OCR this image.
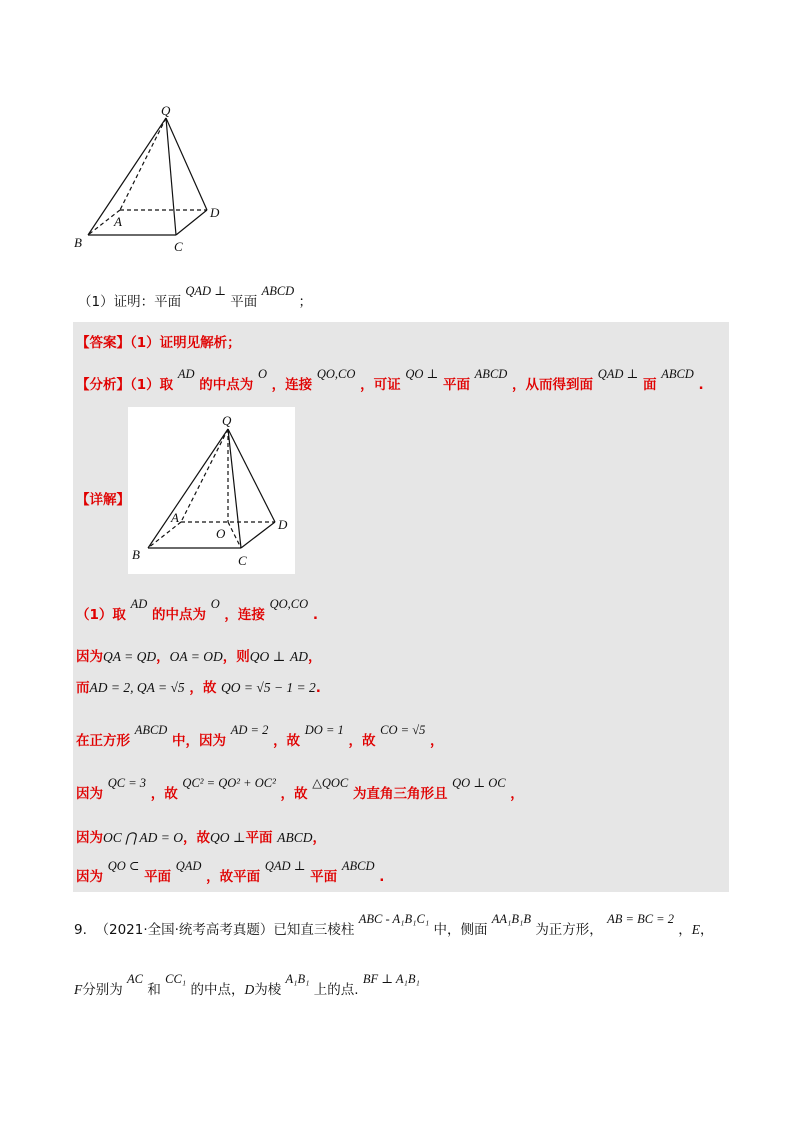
Q
A
B	C
D
（1）证明：平面 QAD ⊥ 平面 ABCD ；
【答案】（1）证明见解析；
【分析】（1）取 AD 的中点为 O ，连接 QO,CO ，可证 QO ⊥ 平面 ABCD ，从而得到面 QAD ⊥ 面 ABCD .
Q
A
B	C
D
O
【详解】
（1）取 AD 的中点为 O ，连接 QO,CO .
因为QA = QD，OA = OD，则QO ⊥ AD，
而AD = 2, QA = √5 ，故 QO = √5 − 1 = 2.
在正方形 ABCD 中，因为 AD = 2 ，故 DO = 1 ，故 CO = √5 ，
因为 QC = 3 ，故 QC² = QO² + OC² ，故 △QOC 为直角三角形且 QO ⊥ OC ，
因为OC ⋂ AD = O，故QO ⊥平面 ABCD，
因为 QO ⊂ 平面 QAD ，故平面 QAD ⊥ 平面 ABCD .
9. （2021·全国·统考高考真题）已知直三棱柱 ABC - A₁B₁C₁ 中，侧面 AA₁B₁B 为正方形， AB = BC = 2 ，E，
F分别为 AC 和 CC₁ 的中点，D为棱 A₁B₁ 上的点. BF ⊥ A₁B₁
